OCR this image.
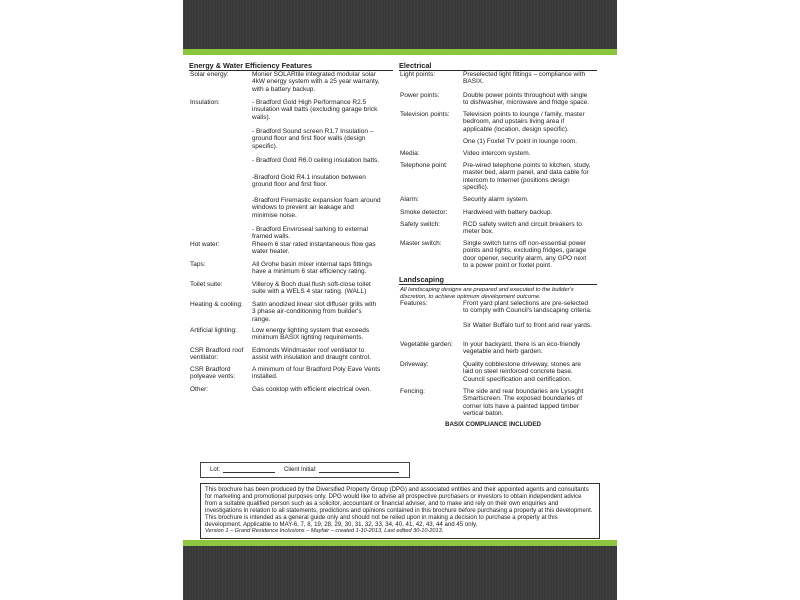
Energy & Water Efficiency Features
Solar energy:	Monier SOLARtile integrated modular solar 4kW energy system with a 25 year warranty, with a battery backup.
Insulation:	- Bradford Gold High Performance R2.5 insulation wall batts (excluding garage brick walls).
- Bradford Sound screen R1.7 Insulation – ground floor and first floor walls (design specific).
- Bradford Gold R6.0 ceiling insulation batts.
-Bradford Gold R4.1 insulation between ground floor and first floor.
-Bradford Firemastic expansion foam around windows to prevent air leakage and minimise noise.
- Bradford Enviroseal sarking to external framed walls.
Hot water:	Rheem 6 star rated instantaneous flow gas water heater.
Taps:	All Grohe basin mixer internal taps fittings have a minimum 6 star efficiency rating.
Toilet suite:	Villeroy & Boch dual flush soft-close toilet suite with a WELS 4 star rating. (WALL)
Heating & cooling:	Satin anodized linear slot diffuser grills with 3 phase air-conditioning from builder's range.
Artificial lighting:	Low energy lighting system that exceeds minimum BASIX lighting requirements.
CSR Bradford roof ventilator:
Edmonds Windmaster roof ventilator to assist with insulation and draught control.
CSR Bradford polyeave vents:
A minimum of four Bradford Poly Eave Vents installed.
Other:	Gas cooktop with efficient electrical oven.
Electrical
Light points:	Preselected light fittings – compliance with BASIX.
Power points:	Double power points throughout with single to dishwasher, microwave and fridge space.
Television points:	Television points to lounge / family, master bedroom, and upstairs living area if applicable (location, design specific).
One (1) Foxtel TV point in lounge room.
Media:	Video intercom system.
Telephone point:	Pre-wired telephone points to kitchen, study, master bed, alarm panel, and data cable for intercom to Internet (positions design specific).
Alarm:	Security alarm system.
Smoke detector:	Hardwired with battery backup.
Safety switch:	RCD safety switch and circuit breakers to meter box.
Master switch:	Single switch turns off non-essential power points and lights, excluding fridges, garage door opener, security alarm, any GPO next to a power point or foxtel point.
Landscaping
All landscaping designs are prepared and executed to the builder's discretion, to achieve optimum development outcome.
Features:	Front yard plant selections are pre-selected to comply with Council's landscaping criteria.
Sir Walter Buffalo turf to front and rear yards.
Vegetable garden:	In your backyard, there is an eco-friendly vegetable and herb garden.
Driveway:	Quality cobblestone driveway, stones are laid on steel reinforced concrete base. Council specification and certification.
Fencing:	The side and rear boundaries are Lysaght Smartscreen. The exposed boundaries of corner lots have a painted lapped timber vertical baton.
BASIX COMPLIANCE INCLUDED
Lot:	Client Initial:
This brochure has been produced by the Diversified Property Group (DPG) and associated entities and their appointed agents and consultants for marketing and promotional purposes only. DPG would like to advise all prospective purchasers or investors to obtain independent advice from a suitable qualified person such as a solicitor, accountant or financial adviser, and to make and rely on their own enquiries and investigations in relation to all statements, predictions and opinions contained in this brochure before purchasing a property at this development. This brochure is intended as a general guide only and should not be relied upon in making a decision to purchase a property at this development. Applicable to MAY-6, 7, 8, 19, 28, 29, 30, 31, 32, 33, 34, 40, 41, 42, 43, 44 and 45 only.
Version 1 – Grand Residence Inclusions – Mayfair – created 1-10-2013, Last edited 30-10-2013.
